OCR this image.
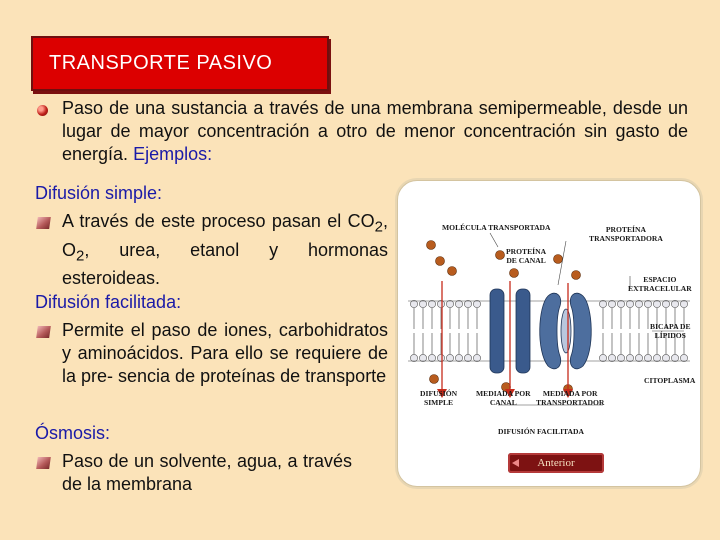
TRANSPORTE PASIVO
Paso de una sustancia a través de una membrana semipermeable, desde un lugar de mayor concentración a otro de menor concentración sin gasto de energía. Ejemplos:
Difusión simple:
A través de este proceso pasan el $CO_2$, $O_2$, urea, etanol y hormonas esteroideas.
Difusión facilitada:
Permite el paso de iones, carbohidratos y aminoácidos. Para ello se requiere de la pre- sencia de proteínas de transporte
Ósmosis:
Paso de un solvente, agua, a través de la membrana
MOLÉCULA TRANSPORTADA	PROTEÍNA
TRANSPORTADORA
PROTEÍNA
DE CANAL
ESPACIO
EXTRACELULAR
BICAPA DE
LÍPIDOS
CITOPLASMA
DIFUSIÓN
SIMPLE
MEDIADA POR
CANAL
MEDIADA POR
TRANSPORTADOR
DIFUSIÓN FACILITADA
Anterior
